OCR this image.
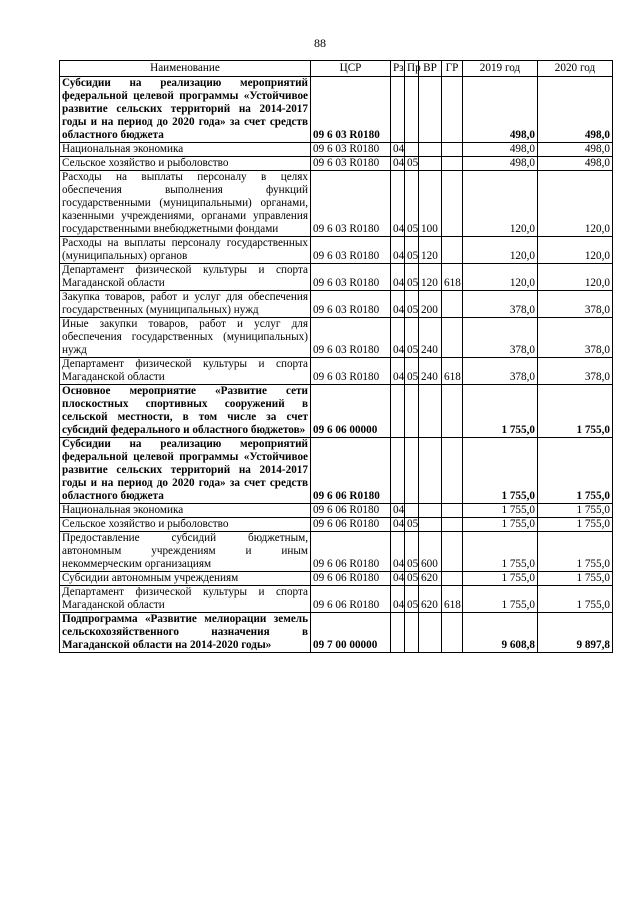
88
Наименование	ЦСР	Рз	Пр	ВР	ГР	2019 год	2020 год
Субсидии на реализацию мероприятий федеральной целевой программы «Устойчивое развитие сельских территорий на 2014-2017 годы и на период до 2020 года» за счет средств областного бюджета	09 6 03 R0180					498,0	498,0
Национальная экономика	09 6 03 R0180	04				498,0	498,0
Сельское хозяйство и рыболовство	09 6 03 R0180	04	05			498,0	498,0
Расходы на выплаты персоналу в целях обеспечения выполнения функций государственными (муниципальными) органами, казенными учреждениями, органами управления государственными внебюджетными фондами	09 6 03 R0180	04	05	100		120,0	120,0
Расходы на выплаты персоналу государственных (муниципальных) органов	09 6 03 R0180	04	05	120		120,0	120,0
Департамент физической культуры и спорта Магаданской области	09 6 03 R0180	04	05	120	618	120,0	120,0
Закупка товаров, работ и услуг для обеспечения государственных (муниципальных) нужд	09 6 03 R0180	04	05	200		378,0	378,0
Иные закупки товаров, работ и услуг для обеспечения государственных (муниципальных) нужд	09 6 03 R0180	04	05	240		378,0	378,0
Департамент физической культуры и спорта Магаданской области	09 6 03 R0180	04	05	240	618	378,0	378,0
Основное мероприятие «Развитие сети плоскостных спортивных сооружений в сельской местности, в том числе за счет субсидий федерального и областного бюджетов»	09 6 06 00000					1 755,0	1 755,0
Субсидии на реализацию мероприятий федеральной целевой программы «Устойчивое развитие сельских территорий на 2014-2017 годы и на период до 2020 года» за счет средств областного бюджета	09 6 06 R0180					1 755,0	1 755,0
Национальная экономика	09 6 06 R0180	04				1 755,0	1 755,0
Сельское хозяйство и рыболовство	09 6 06 R0180	04	05			1 755,0	1 755,0
Предоставление субсидий бюджетным, автономным учреждениям и иным некоммерческим организациям	09 6 06 R0180	04	05	600		1 755,0	1 755,0
Субсидии автономным учреждениям	09 6 06 R0180	04	05	620		1 755,0	1 755,0
Департамент физической культуры и спорта Магаданской области	09 6 06 R0180	04	05	620	618	1 755,0	1 755,0
Подпрограмма «Развитие мелиорации земель сельскохозяйственного назначения в Магаданской области на 2014-2020 годы»	09 7 00 00000					9 608,8	9 897,8
